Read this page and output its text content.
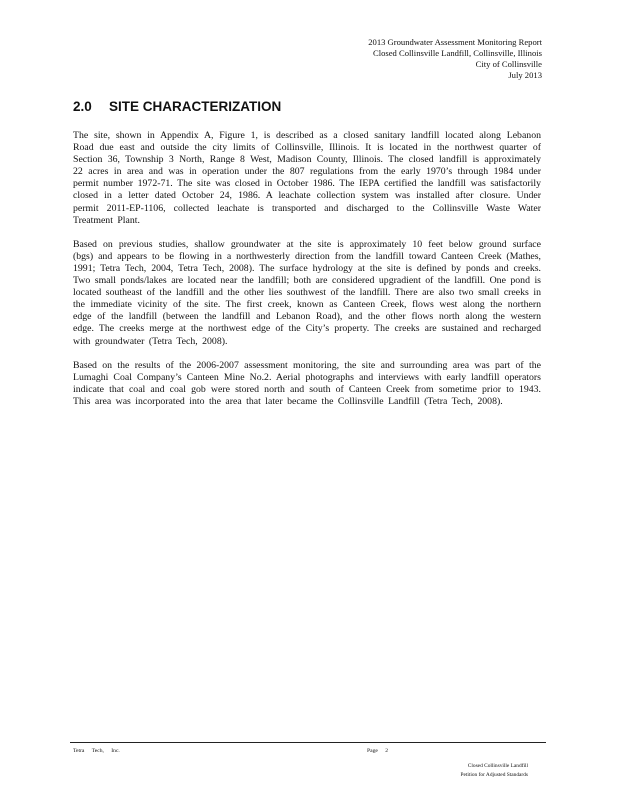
2013 Groundwater Assessment Monitoring Report
Closed Collinsville Landfill, Collinsville, Illinois
City of Collinsville
July 2013
2.0 SITE CHARACTERIZATION

The site, shown in Appendix A, Figure 1, is described as a closed sanitary landfill located along Lebanon Road due east and outside the city limits of Collinsville, Illinois. It is located in the northwest quarter of Section 36, Township 3 North, Range 8 West, Madison County, Illinois. The closed landfill is approximately 22 acres in area and was in operation under the 807 regulations from the early 1970’s through 1984 under permit number 1972-71. The site was closed in October 1986. The IEPA certified the landfill was satisfactorily closed in a letter dated October 24, 1986. A leachate collection system was installed after closure. Under permit 2011-EP-1106, collected leachate is transported and discharged to the Collinsville Waste Water Treatment Plant.

Based on previous studies, shallow groundwater at the site is approximately 10 feet below ground surface (bgs) and appears to be flowing in a northwesterly direction from the landfill toward Canteen Creek (Mathes, 1991; Tetra Tech, 2004, Tetra Tech, 2008). The surface hydrology at the site is defined by ponds and creeks. Two small ponds/lakes are located near the landfill; both are considered upgradient of the landfill. One pond is located southeast of the landfill and the other lies southwest of the landfill. There are also two small creeks in the immediate vicinity of the site. The first creek, known as Canteen Creek, flows west along the northern edge of the landfill (between the landfill and Lebanon Road), and the other flows north along the western edge. The creeks merge at the northwest edge of the City’s property. The creeks are sustained and recharged with groundwater (Tetra Tech, 2008).

Based on the results of the 2006-2007 assessment monitoring, the site and surrounding area was part of the Lumaghi Coal Company’s Canteen Mine No.2. Aerial photographs and interviews with early landfill operators indicate that coal and coal gob were stored north and south of Canteen Creek from sometime prior to 1943. This area was incorporated into the area that later became the Collinsville Landfill (Tetra Tech, 2008).

Tetra Tech, Inc.	Page 2
Closed Collinsville Landfill
Petition for Adjusted Standards
